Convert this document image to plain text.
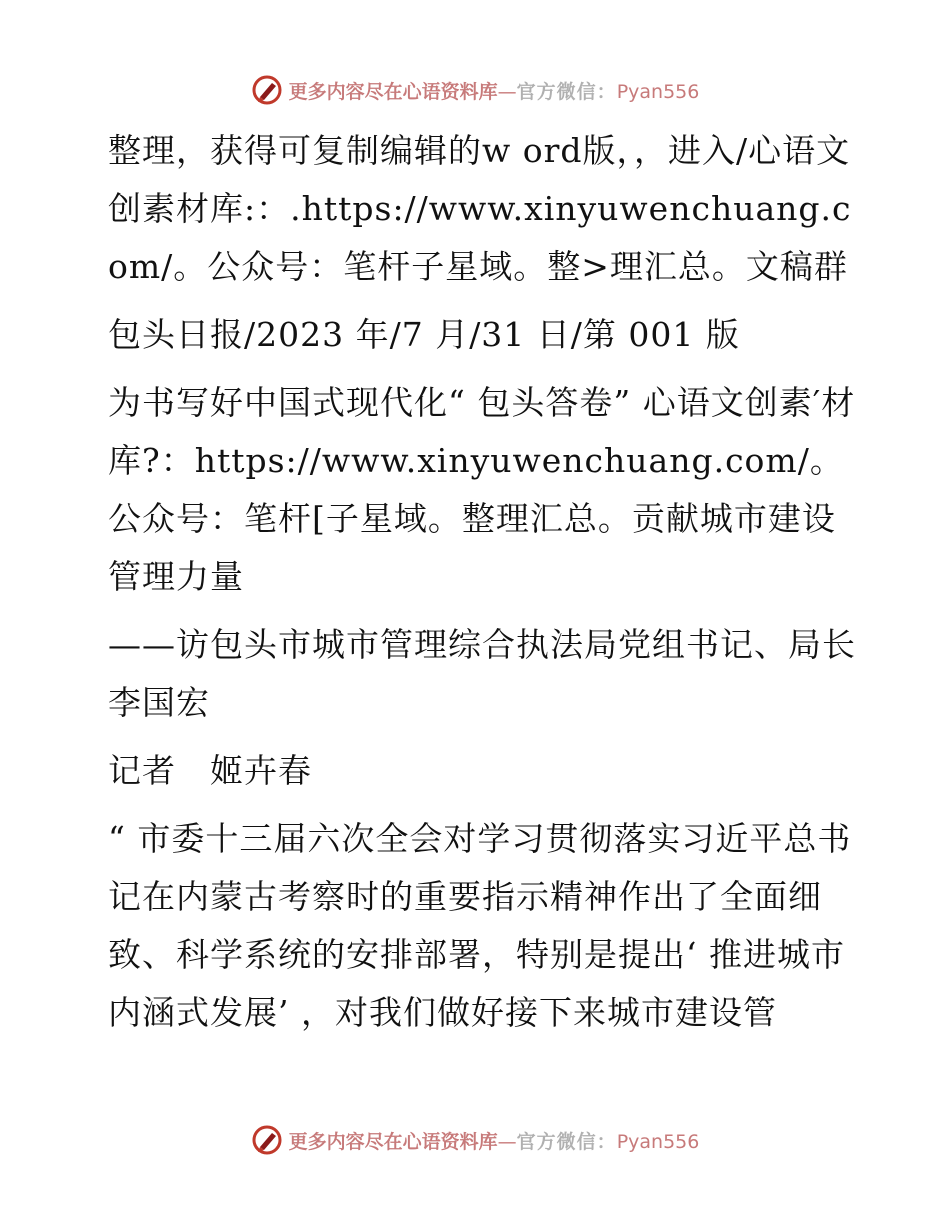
更多内容尽在心语资料库—官方微信：Pyan556

整理，获得可复制编辑的w ord版，，进入/心语文创素材库:：.https://www.xinyuwenchuang.com/。公众号：笔杆子星域。整>理汇总。文稿群

包头日报/2023 年/7 月/31 日/第 001 版

为书写好中国式现代化“ 包头答卷” 心语文创素′材库?：https://www.xinyuwenchuang.com/。公众号：笔杆[子星域。整理汇总。贡献城市建设管理力量

——访包头市城市管理综合执法局党组书记、局长李国宏

记者　姬卉春

“ 市委十三届六次全会对学习贯彻落实习近平总书记在内蒙古考察时的重要指示精神作出了全面细致、科学系统的安排部署，特别是提出‘ 推进城市内涵式发展’ ，对我们做好接下来城市建设管

更多内容尽在心语资料库—官方微信：Pyan556
